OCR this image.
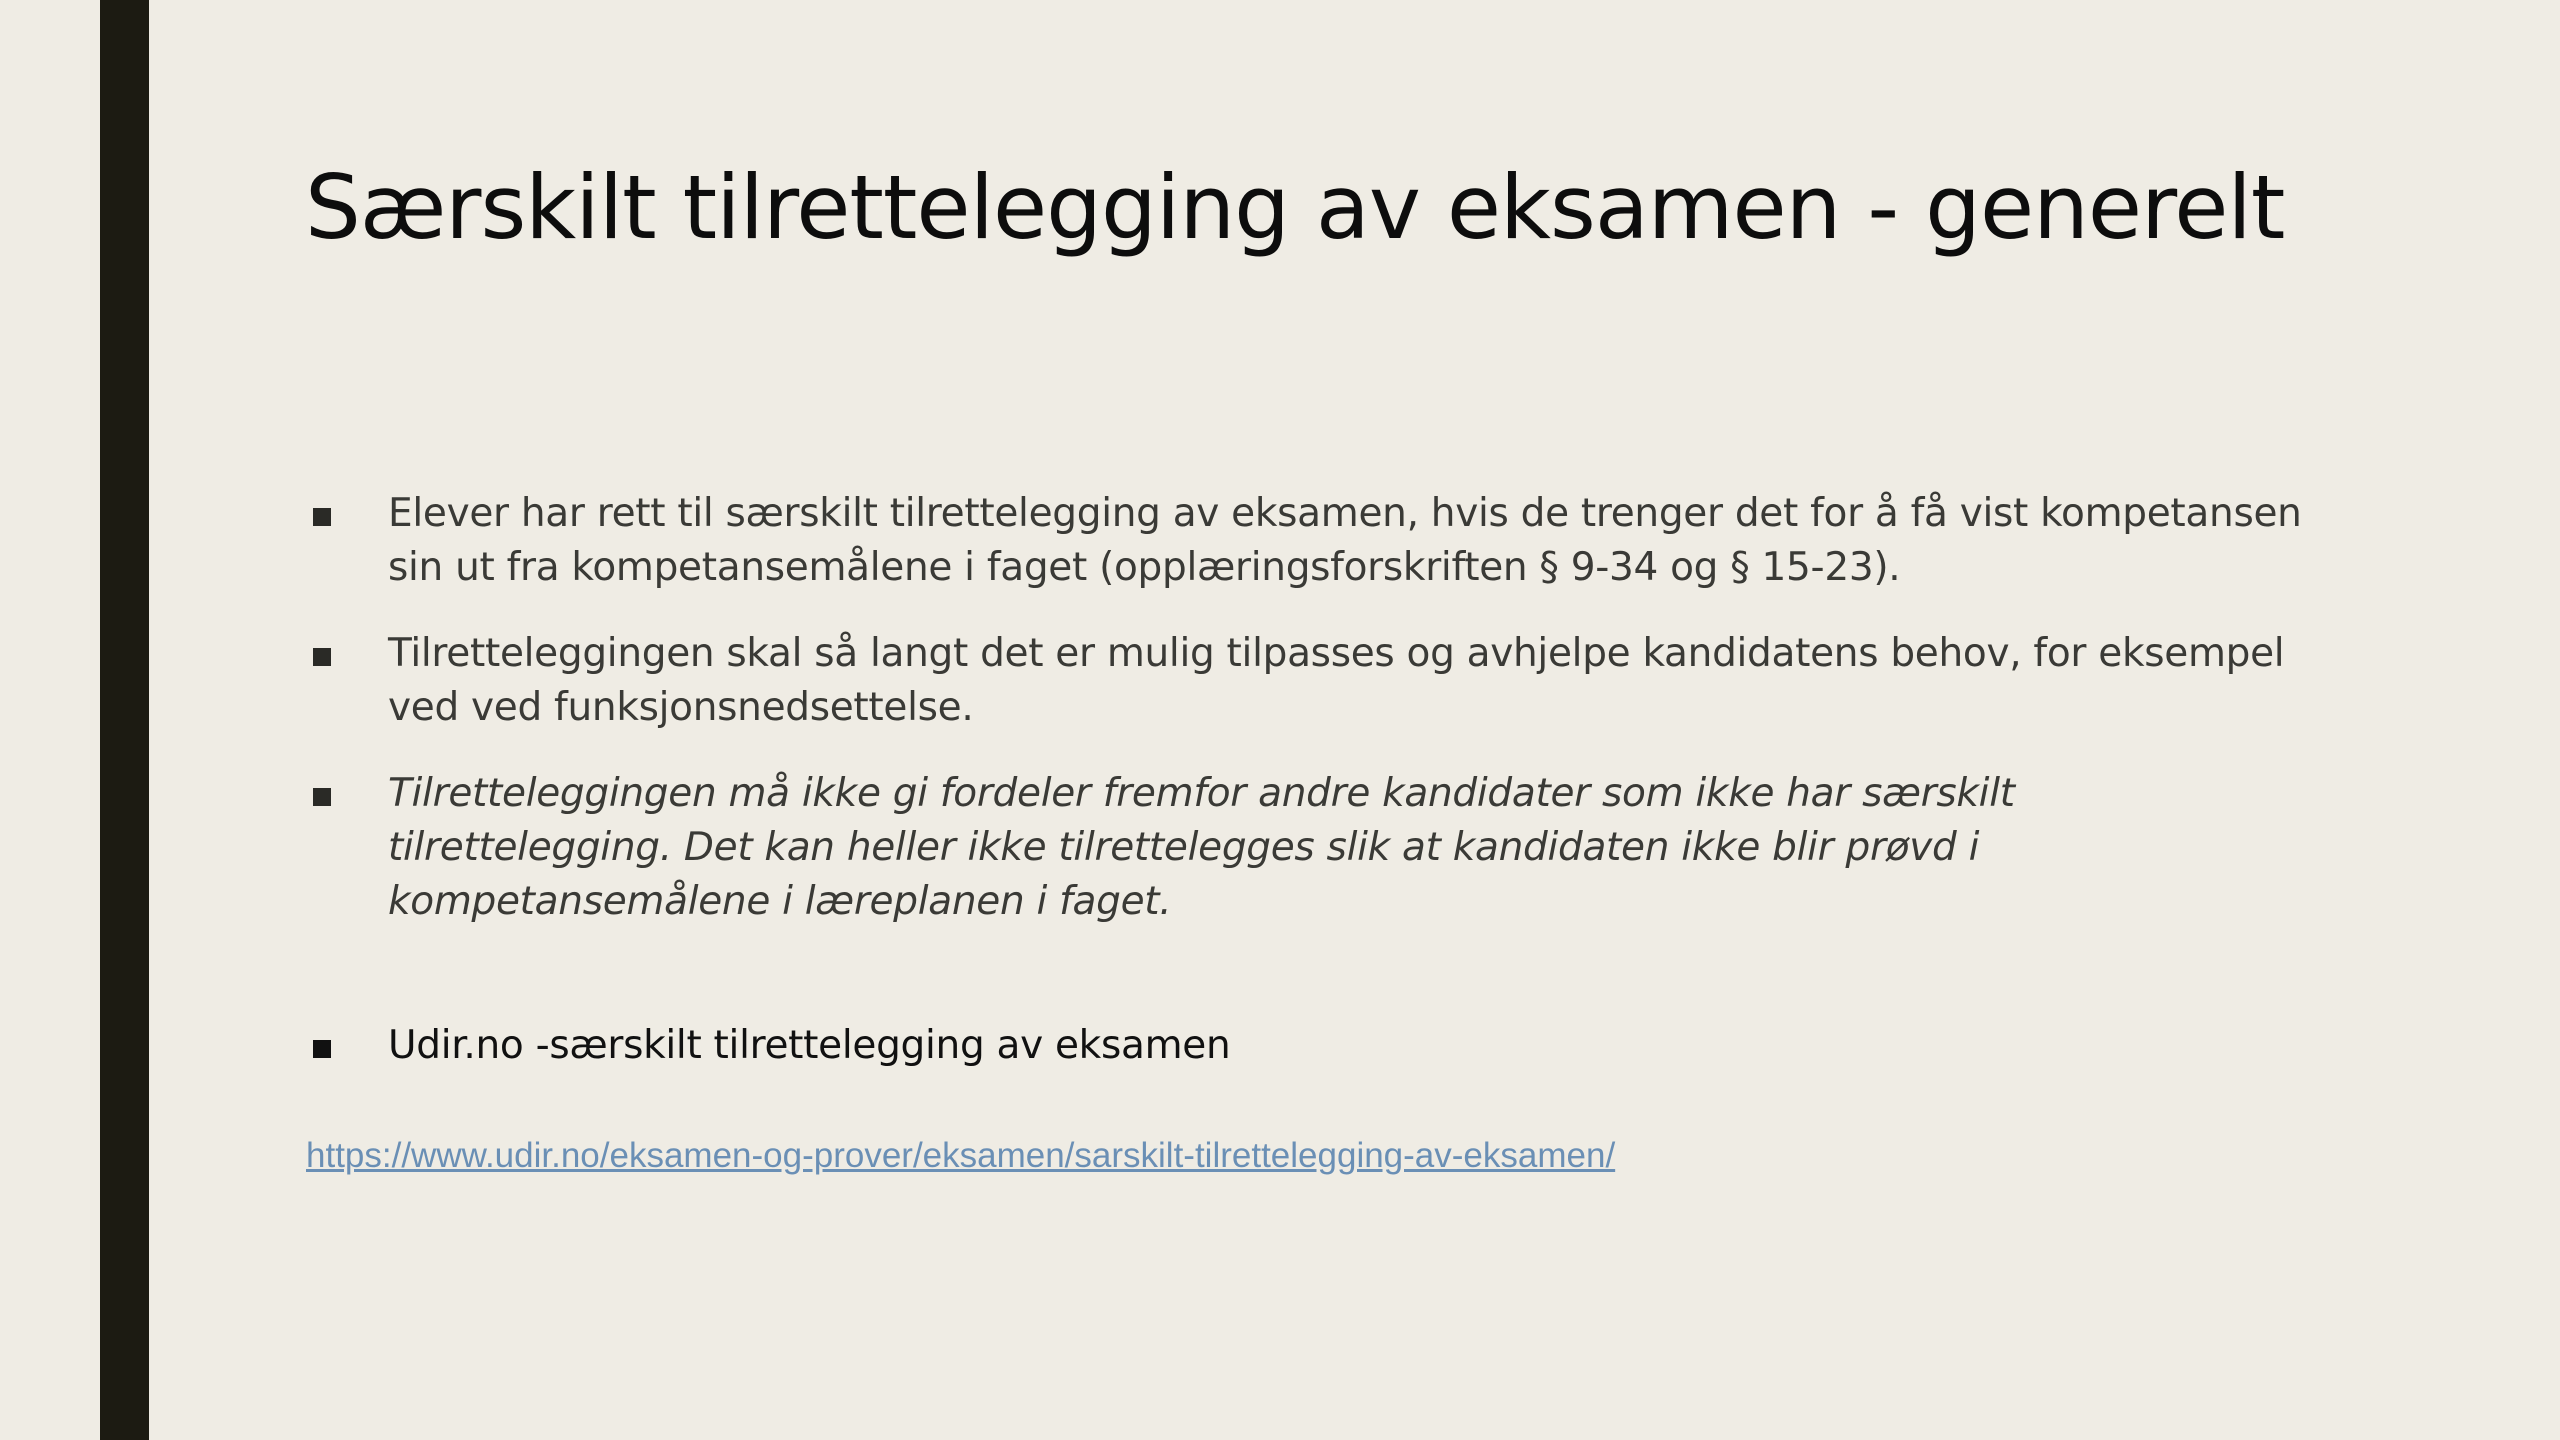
Særskilt tilrettelegging av eksamen - generelt
Elever har rett til særskilt tilrettelegging av eksamen, hvis de trenger det for å få vist kompetansen sin ut fra kompetansemålene i faget (opplæringsforskriften § 9-34 og § 15-23).
Tilretteleggingen skal så langt det er mulig tilpasses og avhjelpe kandidatens behov, for eksempel ved ved funksjonsnedsettelse.
Tilretteleggingen må ikke gi fordeler fremfor andre kandidater som ikke har særskilt tilrettelegging. Det kan heller ikke tilrettelegges slik at kandidaten ikke blir prøvd i kompetansemålene i læreplanen i faget.
Udir.no -særskilt tilrettelegging av eksamen
https://www.udir.no/eksamen-og-prover/eksamen/sarskilt-tilrettelegging-av-eksamen/
